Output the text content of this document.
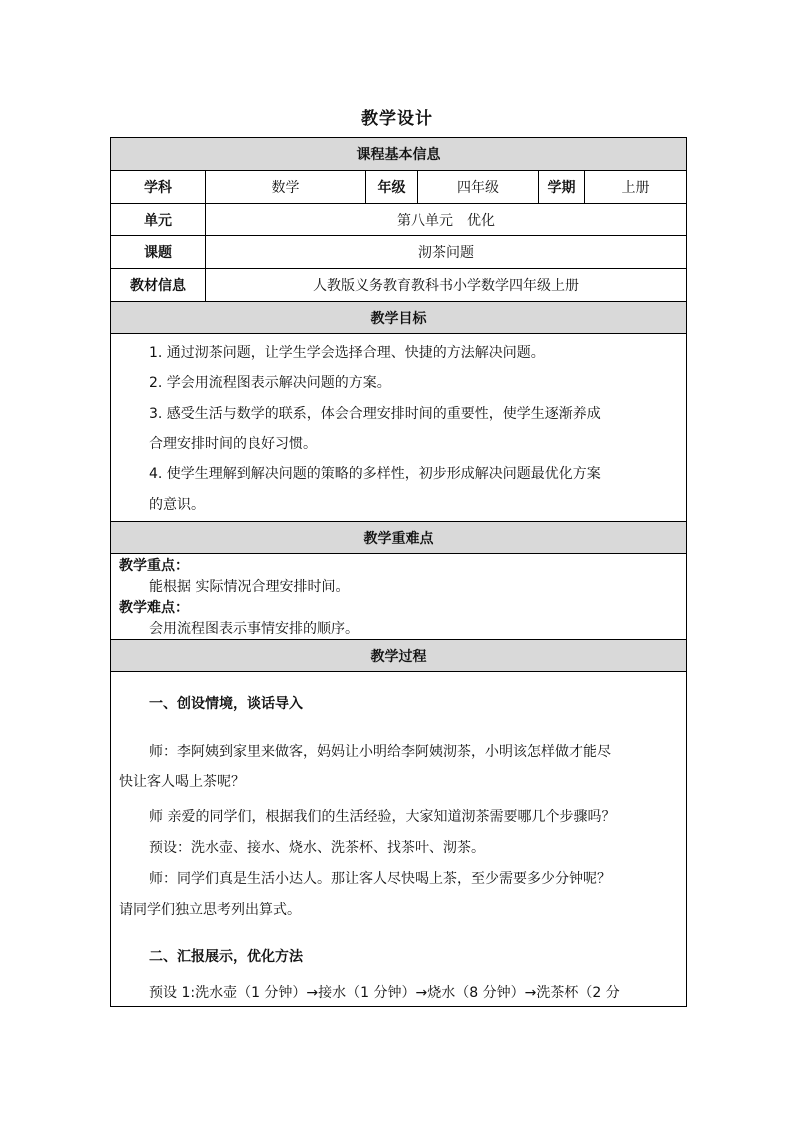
教学设计
课程基本信息
学科	数学	年级	四年级	学期	上册
单元	第八单元　优化
课题	沏茶问题
教材信息	人教版义务教育教科书小学数学四年级上册
教学目标
1. 通过沏茶问题，让学生学会选择合理、快捷的方法解决问题。
2. 学会用流程图表示解决问题的方案。
3. 感受生活与数学的联系，体会合理安排时间的重要性，使学生逐渐养成
合理安排时间的良好习惯。
4. 使学生理解到解决问题的策略的多样性，初步形成解决问题最优化方案
的意识。
教学重难点
教学重点：
能根据 实际情况合理安排时间。
教学难点：
会用流程图表示事情安排的顺序。
教学过程
一、创设情境，谈话导入
师：李阿姨到家里来做客，妈妈让小明给李阿姨沏茶，小明该怎样做才能尽
快让客人喝上茶呢？
师 亲爱的同学们，根据我们的生活经验，大家知道沏茶需要哪几个步骤吗？
预设：洗水壶、接水、烧水、洗茶杯、找茶叶、沏茶。
师：同学们真是生活小达人。那让客人尽快喝上茶，至少需要多少分钟呢？
请同学们独立思考列出算式。
二、汇报展示，优化方法
预设 1:洗水壶（1 分钟）→接水（1 分钟）→烧水（8 分钟）→洗茶杯（2 分
